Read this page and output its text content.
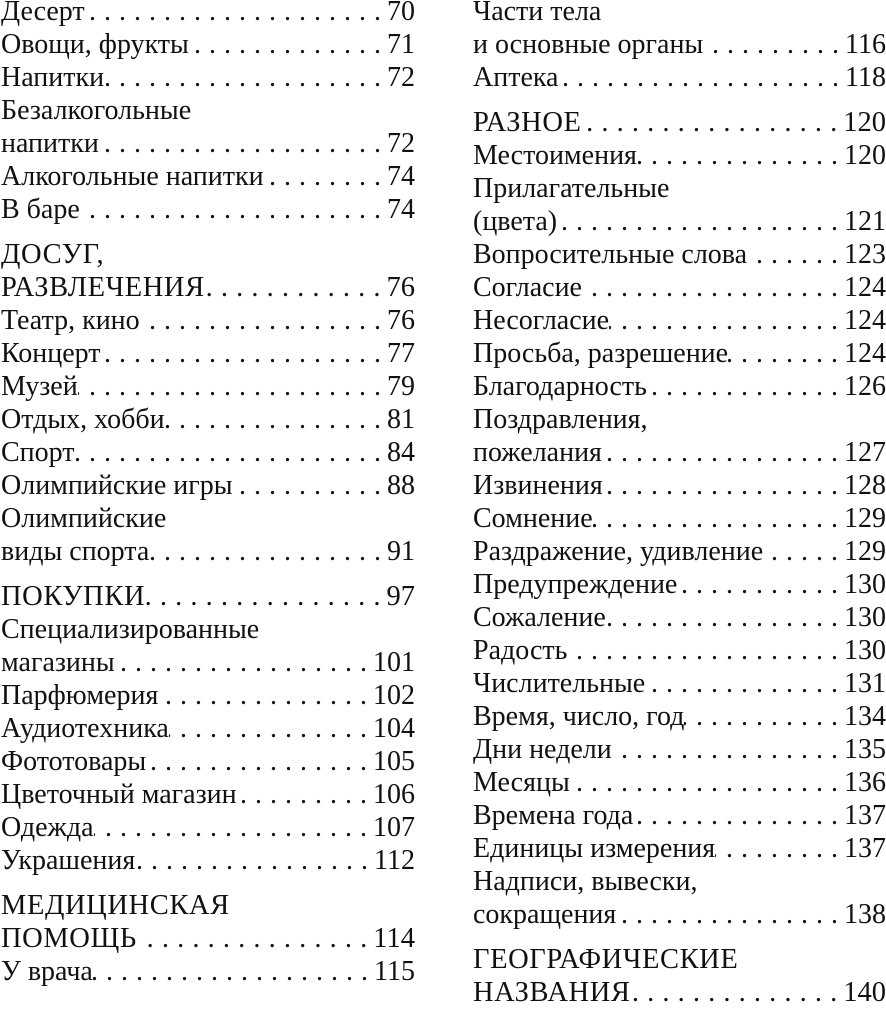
Десерт . . .	70
Овощи, фрукты . . .	71
Напитки . . .	72
Безалкогольные
напитки . . .	72
Алкогольные напитки . . .	74
В баре . . .	74
ДОСУГ,
РАЗВЛЕЧЕНИЯ . . .	76
Театр, кино . . .	76
Концерт . . .	77
Музей . . .	79
Отдых, хобби . . .	81
Спорт . . .	84
Олимпийские игры . . .	88
Олимпийские
виды спорта . . .	91
ПОКУПКИ . . .	97
Специализированные
магазины . . .	101
Парфюмерия . . .	102
Аудиотехника . . .	104
Фототовары . . .	105
Цветочный магазин . . .	106
Одежда . . .	107
Украшения . . .	112
МЕДИЦИНСКАЯ
ПОМОЩЬ . . .	114
У врача . . .	115
Части тела
и основные органы . . .	116
Аптека . . .	118
РАЗНОЕ . . .	120
Местоимения . . .	120
Прилагательные
(цвета) . . .	121
Вопросительные слова . . .	123
Согласие . . .	124
Несогласие . . .	124
Просьба, разрешение . . .	124
Благодарность . . .	126
Поздравления,
пожелания . . .	127
Извинения . . .	128
Сомнение . . .	129
Раздражение, удивление . . .	129
Предупреждение . . .	130
Сожаление . . .	130
Радость . . .	130
Числительные . . .	131
Время, число, год . . .	134
Дни недели . . .	135
Месяцы . . .	136
Времена года . . .	137
Единицы измерения . . .	137
Надписи, вывески,
сокращения . . .	138
ГЕОГРАФИЧЕСКИЕ
НАЗВАНИЯ . . .	140
